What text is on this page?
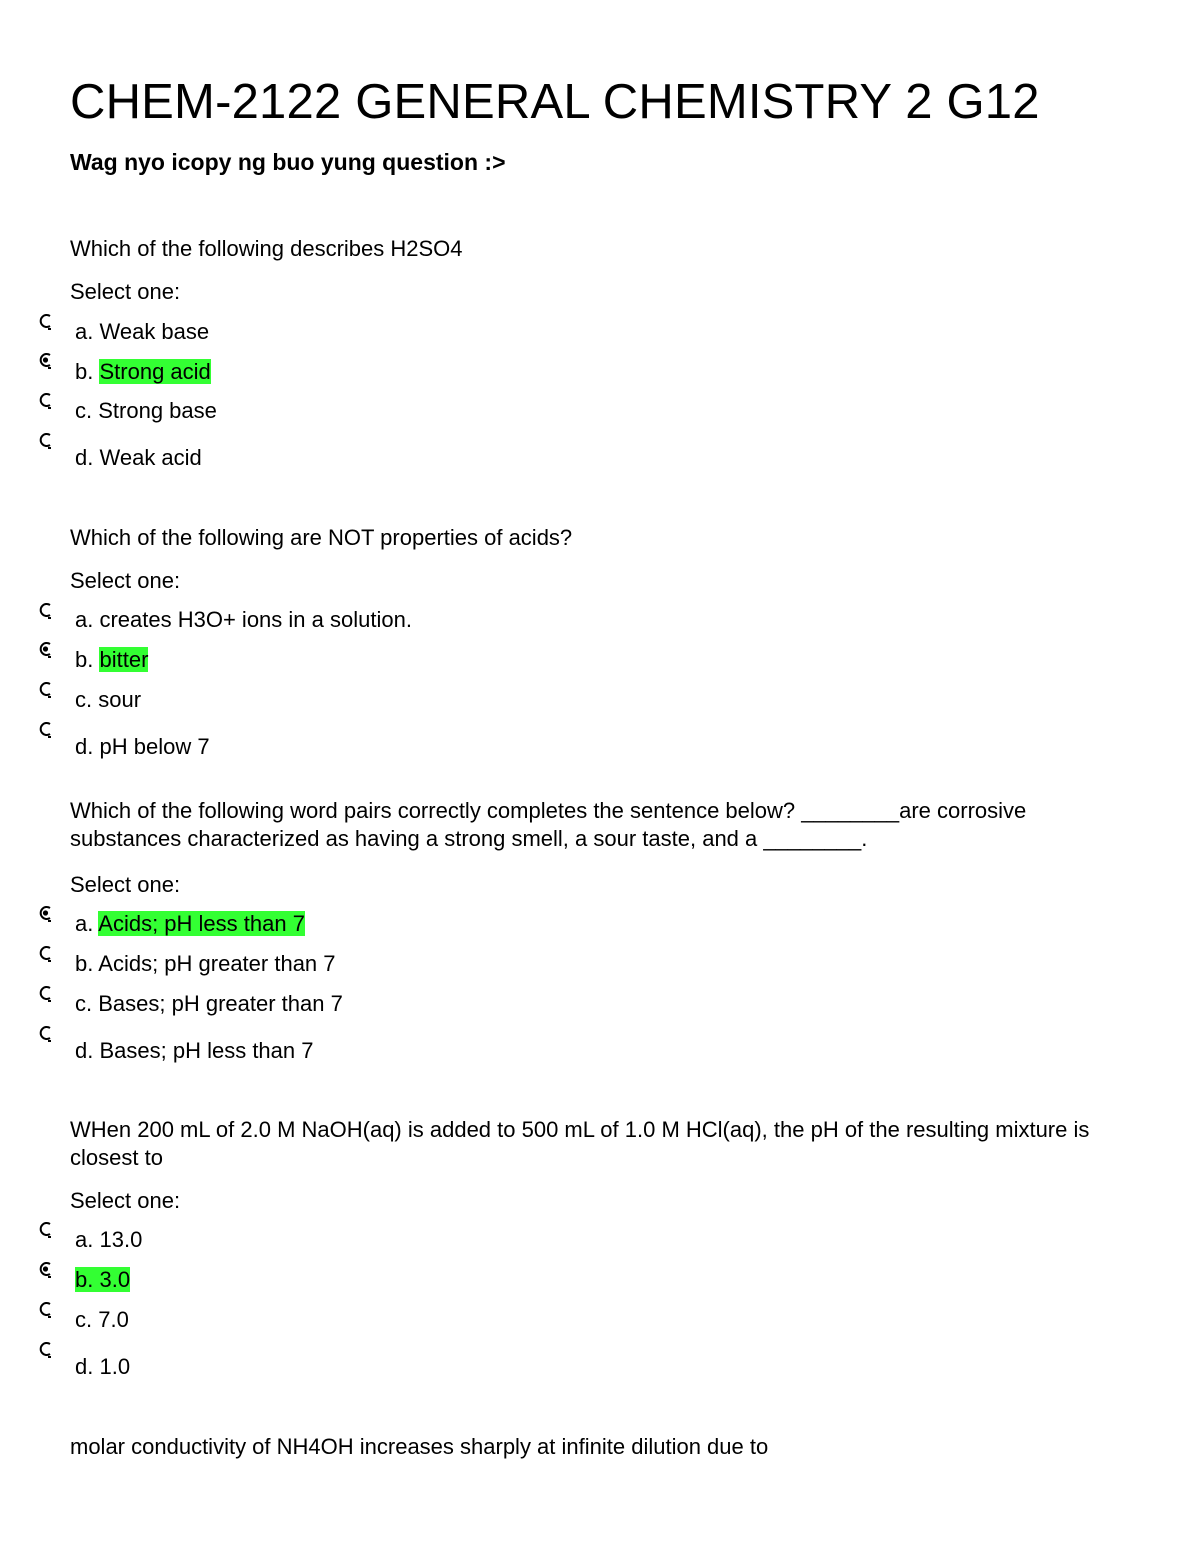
CHEM-2122 GENERAL CHEMISTRY 2 G12
Wag nyo icopy ng buo yung question :>
Which of the following describes H2SO4
Select one:
a. Weak base
b. Strong acid
c. Strong base
d. Weak acid
Which of the following are NOT properties of acids?
Select one:
a. creates H3O+ ions in a solution.
b. bitter
c. sour
d. pH below 7
Which of the following word pairs correctly completes the sentence below? ________are corrosive substances characterized as having a strong smell, a sour taste, and a ________.
Select one:
a. Acids; pH less than 7
b. Acids; pH greater than 7
c. Bases; pH greater than 7
d. Bases; pH less than 7
WHen 200 mL of 2.0 M NaOH(aq) is added to 500 mL of 1.0 M HCl(aq), the pH of the resulting mixture is closest to
Select one:
a. 13.0
b. 3.0
c. 7.0
d. 1.0
molar conductivity of NH4OH increases sharply at infinite dilution due to
